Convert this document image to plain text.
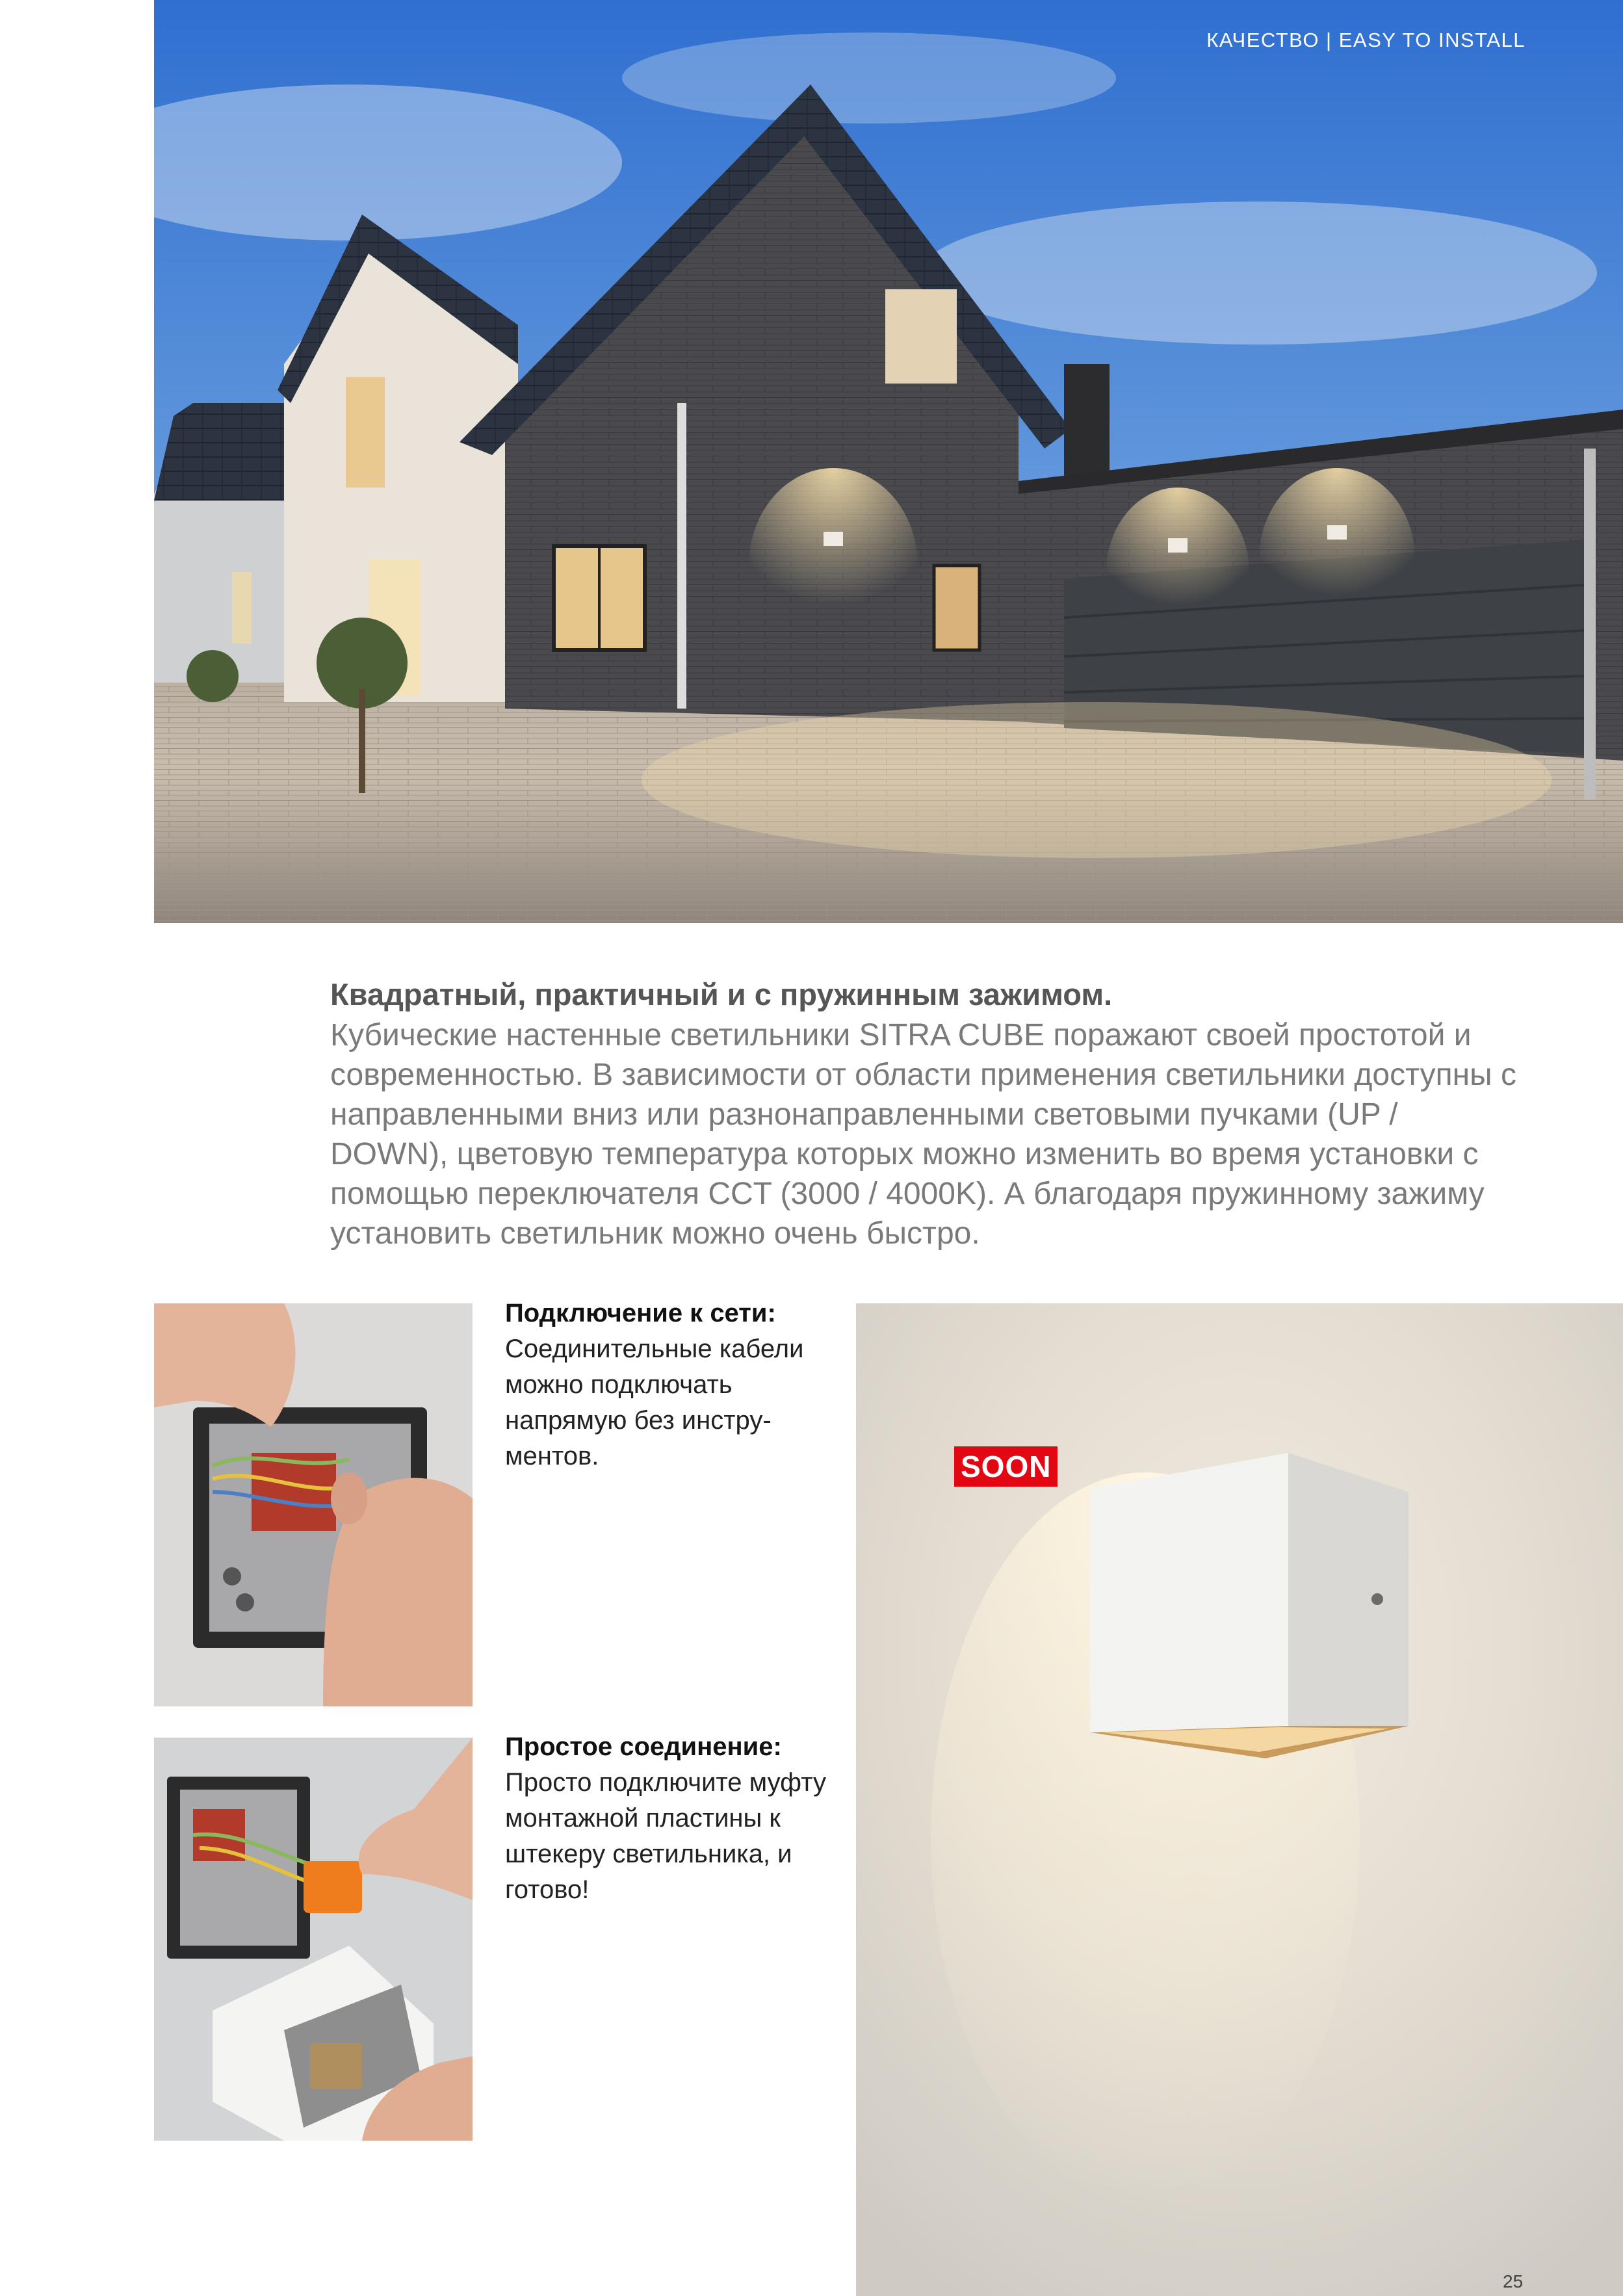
КАЧЕСТВО | EASY TO INSTALL

Квадратный, практичный и с пружинным зажимом.

Кубические настенные светильники SITRA CUBE поражают своей простотой и современностью. В зависимости от области применения светильники доступны с направленными вниз или разнонаправленными световыми пучками (UP / DOWN), цветовую температура которых можно изменить во время установки с помощью переключателя CCT (3000 / 4000K). А благодаря пружинному зажиму установить светильник можно очень быстро.

Подключение к сети:
Соединительные кабели можно подключать напрямую без инструментов.
Простое соединение:
Просто подключите муфту монтажной пластины к штекеру светильника, и готово!
SOON
25
